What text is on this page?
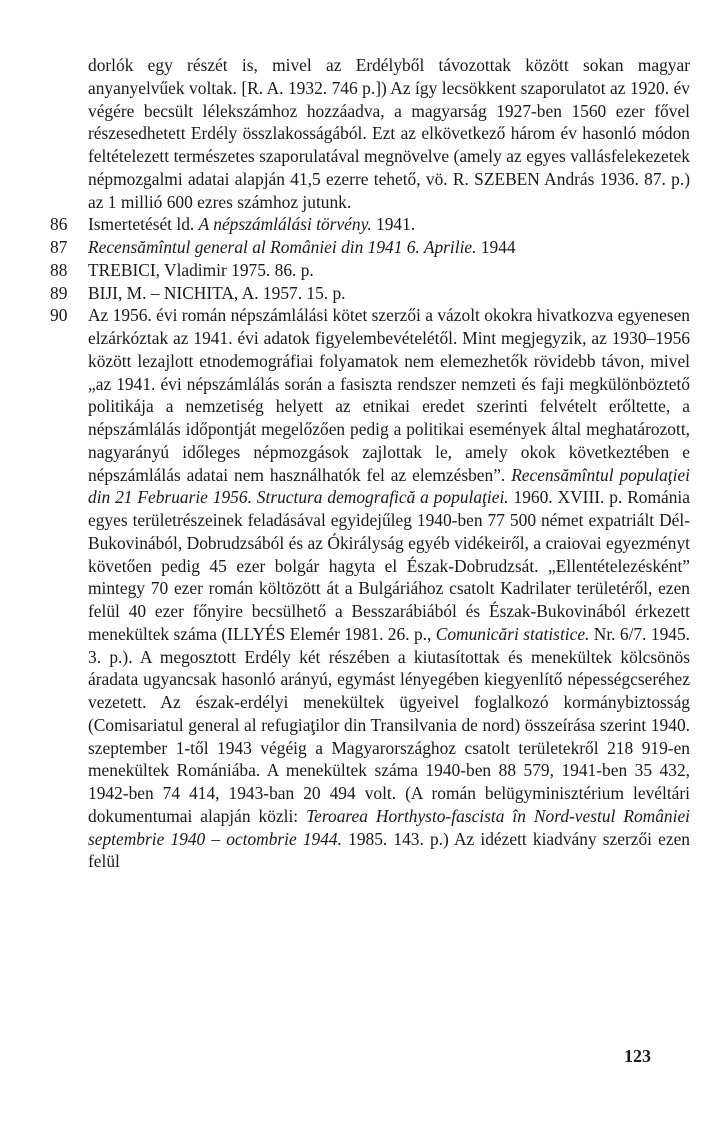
dorlók egy részét is, mivel az Erdélyből távozottak között sokan magyar anyanyelvűek voltak. [R. A. 1932. 746 p.]) Az így lecsökkent szaporulatot az 1920. év végére becsült lélekszámhoz hozzáadva, a magyarság 1927-ben 1560 ezer fővel részesedhetett Erdély összlakosságából. Ezt az elkövetkező három év hasonló módon feltételezett természetes szaporulatával megnövelve (amely az egyes vallásfelekezetek népmozgalmi adatai alapján 41,5 ezerre tehető, vö. R. SZEBEN András 1936. 87. p.) az 1 millió 600 ezres számhoz jutunk.
86	Ismertetését ld. A népszámlálási törvény. 1941.
87	Recensămîntul general al României din 1941 6. Aprilie. 1944
88	TREBICI, Vladimir 1975. 86. p.
89	BIJI, M. – NICHITA, A. 1957. 15. p.
90	Az 1956. évi román népszámlálási kötet szerzői a vázolt okokra hivatkozva egyenesen elzárkóztak az 1941. évi adatok figyelembevételétől. Mint megjegyzik, az 1930–1956 között lezajlott etnodemográfiai folyamatok nem elemezhetők rövidebb távon, mivel „az 1941. évi népszámlálás során a fasiszta rendszer nemzeti és faji megkülönböztető politikája a nemzetiség helyett az etnikai eredet szerinti felvételt erőltette, a népszámlálás időpontját megelőzően pedig a politikai események által meghatározott, nagyarányú időleges népmozgások zajlottak le, amely okok következtében e népszámlálás adatai nem használhatók fel az elemzésben”. Recensămîntul populaţiei din 21 Februarie 1956. Structura demografică a populaţiei. 1960. XVIII. p. Románia egyes területrészeinek feladásával egyidejűleg 1940-ben 77 500 német expatriált Dél-Bukovinából, Dobrudzsából és az Ókirályság egyéb vidékeiről, a craiovai egyezményt követően pedig 45 ezer bolgár hagyta el Észak-Dobrudzsát. „Ellentételezésként” mintegy 70 ezer román költözött át a Bulgáriához csatolt Kadrilater területéről, ezen felül 40 ezer főnyire becsülhető a Besszarábiából és Észak-Bukovinából érkezett menekültek száma (ILLYÉS Elemér 1981. 26. p., Comunicări statistice. Nr. 6/7. 1945. 3. p.). A megosztott Erdély két részében a kiutasítottak és menekültek kölcsönös áradata ugyancsak hasonló arányú, egymást lényegében kiegyenlítő népességcseréhez vezetett. Az észak-erdélyi menekültek ügyeivel foglalkozó kormánybiztosság (Comisariatul general al refugiaţilor din Transilvania de nord) összeírása szerint 1940. szeptember 1-től 1943 végéig a Magyarországhoz csatolt területekről 218 919-en menekültek Romániába. A menekültek száma 1940-ben 88 579, 1941-ben 35 432, 1942-ben 74 414, 1943-ban 20 494 volt. (A román belügyminisztérium levéltári dokumentumai alapján közli: Teroarea Horthysto-fascista în Nord-vestul României septembrie 1940 – octombrie 1944. 1985. 143. p.) Az idézett kiadvány szerzői ezen felül
123
